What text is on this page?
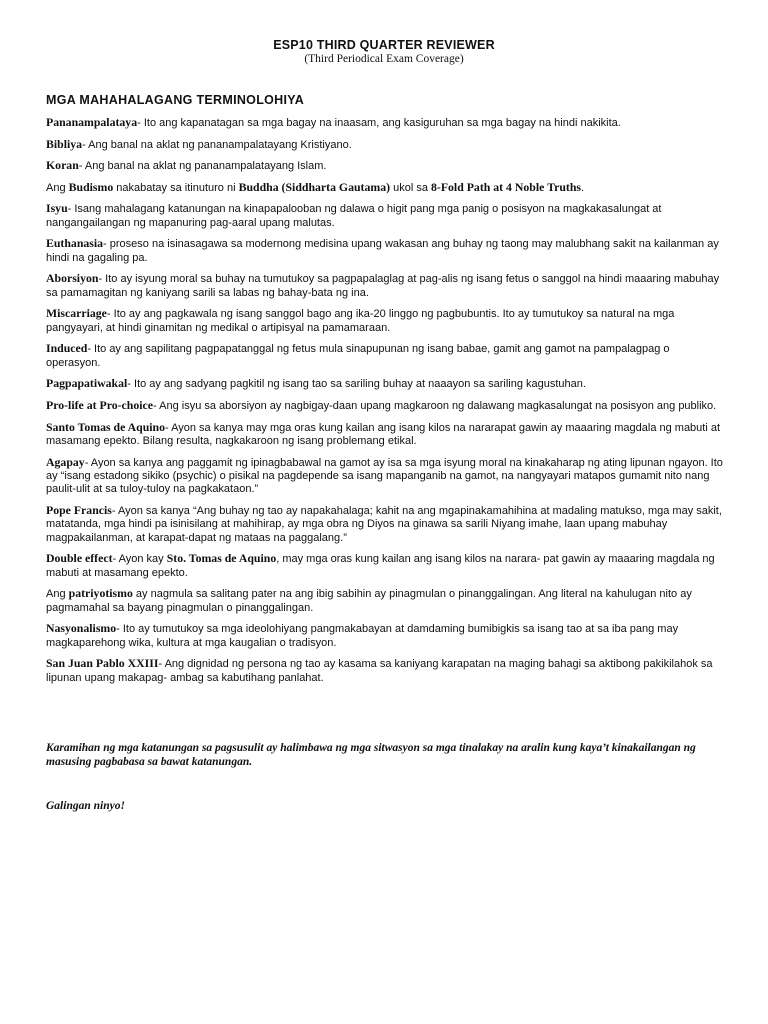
ESP10 THIRD QUARTER REVIEWER
(Third Periodical Exam Coverage)
MGA MAHAHALAGANG TERMINOLOHIYA

Pananampalataya- Ito ang kapanatagan sa mga bagay na inaasam, ang kasiguruhan sa mga bagay na hindi nakikita.

Bibliya- Ang banal na aklat ng pananampalatayang Kristiyano.

Koran- Ang banal na aklat ng pananampalatayang Islam.

Ang Budismo nakabatay sa itinuturo ni Buddha (Siddharta Gautama) ukol sa 8-Fold Path at 4 Noble Truths.

Isyu- Isang mahalagang katanungan na kinapapalooban ng dalawa o higit pang mga panig o posisyon na magkakasalungat at nangangailangan ng mapanuring pag-aaral upang malutas.

Euthanasia- proseso na isinasagawa sa modernong medisina upang wakasan ang buhay ng taong may malubhang sakit na kailanman ay hindi na gagaling pa.

Aborsiyon- Ito ay isyung moral sa buhay na tumutukoy sa pagpapalaglag at pag-alis ng isang fetus o sanggol na hindi maaaring mabuhay sa pamamagitan ng kaniyang sarili sa labas ng bahay-bata ng ina.

Miscarriage- Ito ay ang pagkawala ng isang sanggol bago ang ika-20 linggo ng pagbubuntis. Ito ay tumutukoy sa natural na mga pangyayari, at hindi ginamitan ng medikal o artipisyal na pamamaraan.

Induced- Ito ay ang sapilitang pagpapatanggal ng fetus mula sinapupunan ng isang babae, gamit ang gamot na pampalagpag o operasyon.

Pagpapatiwakal- Ito ay ang sadyang pagkitil ng isang tao sa sariling buhay at naaayon sa sariling kagustuhan.

Pro-life at Pro-choice- Ang isyu sa aborsiyon ay nagbigay-daan upang magkaroon ng dalawang magkasalungat na posisyon ang publiko.

Santo Tomas de Aquino- Ayon sa kanya may mga oras kung kailan ang isang kilos na nararapat gawin ay maaaring magdala ng mabuti at masamang epekto. Bilang resulta, nagkakaroon ng isang problemang etikal.

Agapay- Ayon sa kanya ang paggamit ng ipinagbabawal na gamot ay isa sa mga isyung moral na kinakaharap ng ating lipunan ngayon. Ito ay “isang estadong sikiko (psychic) o pisikal na pagdepende sa isang mapanganib na gamot, na nangyayari matapos gumamit nito nang paulit-ulit at sa tuloy-tuloy na pagkakataon.”

Pope Francis- Ayon sa kanya “Ang buhay ng tao ay napakahalaga; kahit na ang mgapinakamahihina at madaling matukso, mga may sakit, matatanda, mga hindi pa isinisilang at mahihirap, ay mga obra ng Diyos na ginawa sa sarili Niyang imahe, laan upang mabuhay magpakailanman, at karapat-dapat ng mataas na paggalang.”

Double effect- Ayon kay Sto. Tomas de Aquino, may mga oras kung kailan ang isang kilos na narara- pat gawin ay maaaring magdala ng mabuti at masamang epekto.

Ang patriyotismo ay nagmula sa salitang pater na ang ibig sabihin ay pinagmulan o pinanggalingan. Ang literal na kahulugan nito ay pagmamahal sa bayang pinagmulan o pinanggalingan.

Nasyonalismo- Ito ay tumutukoy sa mga ideolohiyang pangmakabayan at damdaming bumibigkis sa isang tao at sa iba pang may magkaparehong wika, kultura at mga kaugalian o tradisyon.

San Juan Pablo XXIII- Ang dignidad ng persona ng tao ay kasama sa kaniyang karapatan na maging bahagi sa aktibong pakikilahok sa lipunan upang makapag- ambag sa kabutihang panlahat.

Karamihan ng mga katanungan sa pagsusulit ay halimbawa ng mga sitwasyon sa mga tinalakay na aralin kung kaya’t kinakailangan ng masusing pagbabasa sa bawat katanungan.
Galingan ninyo!
